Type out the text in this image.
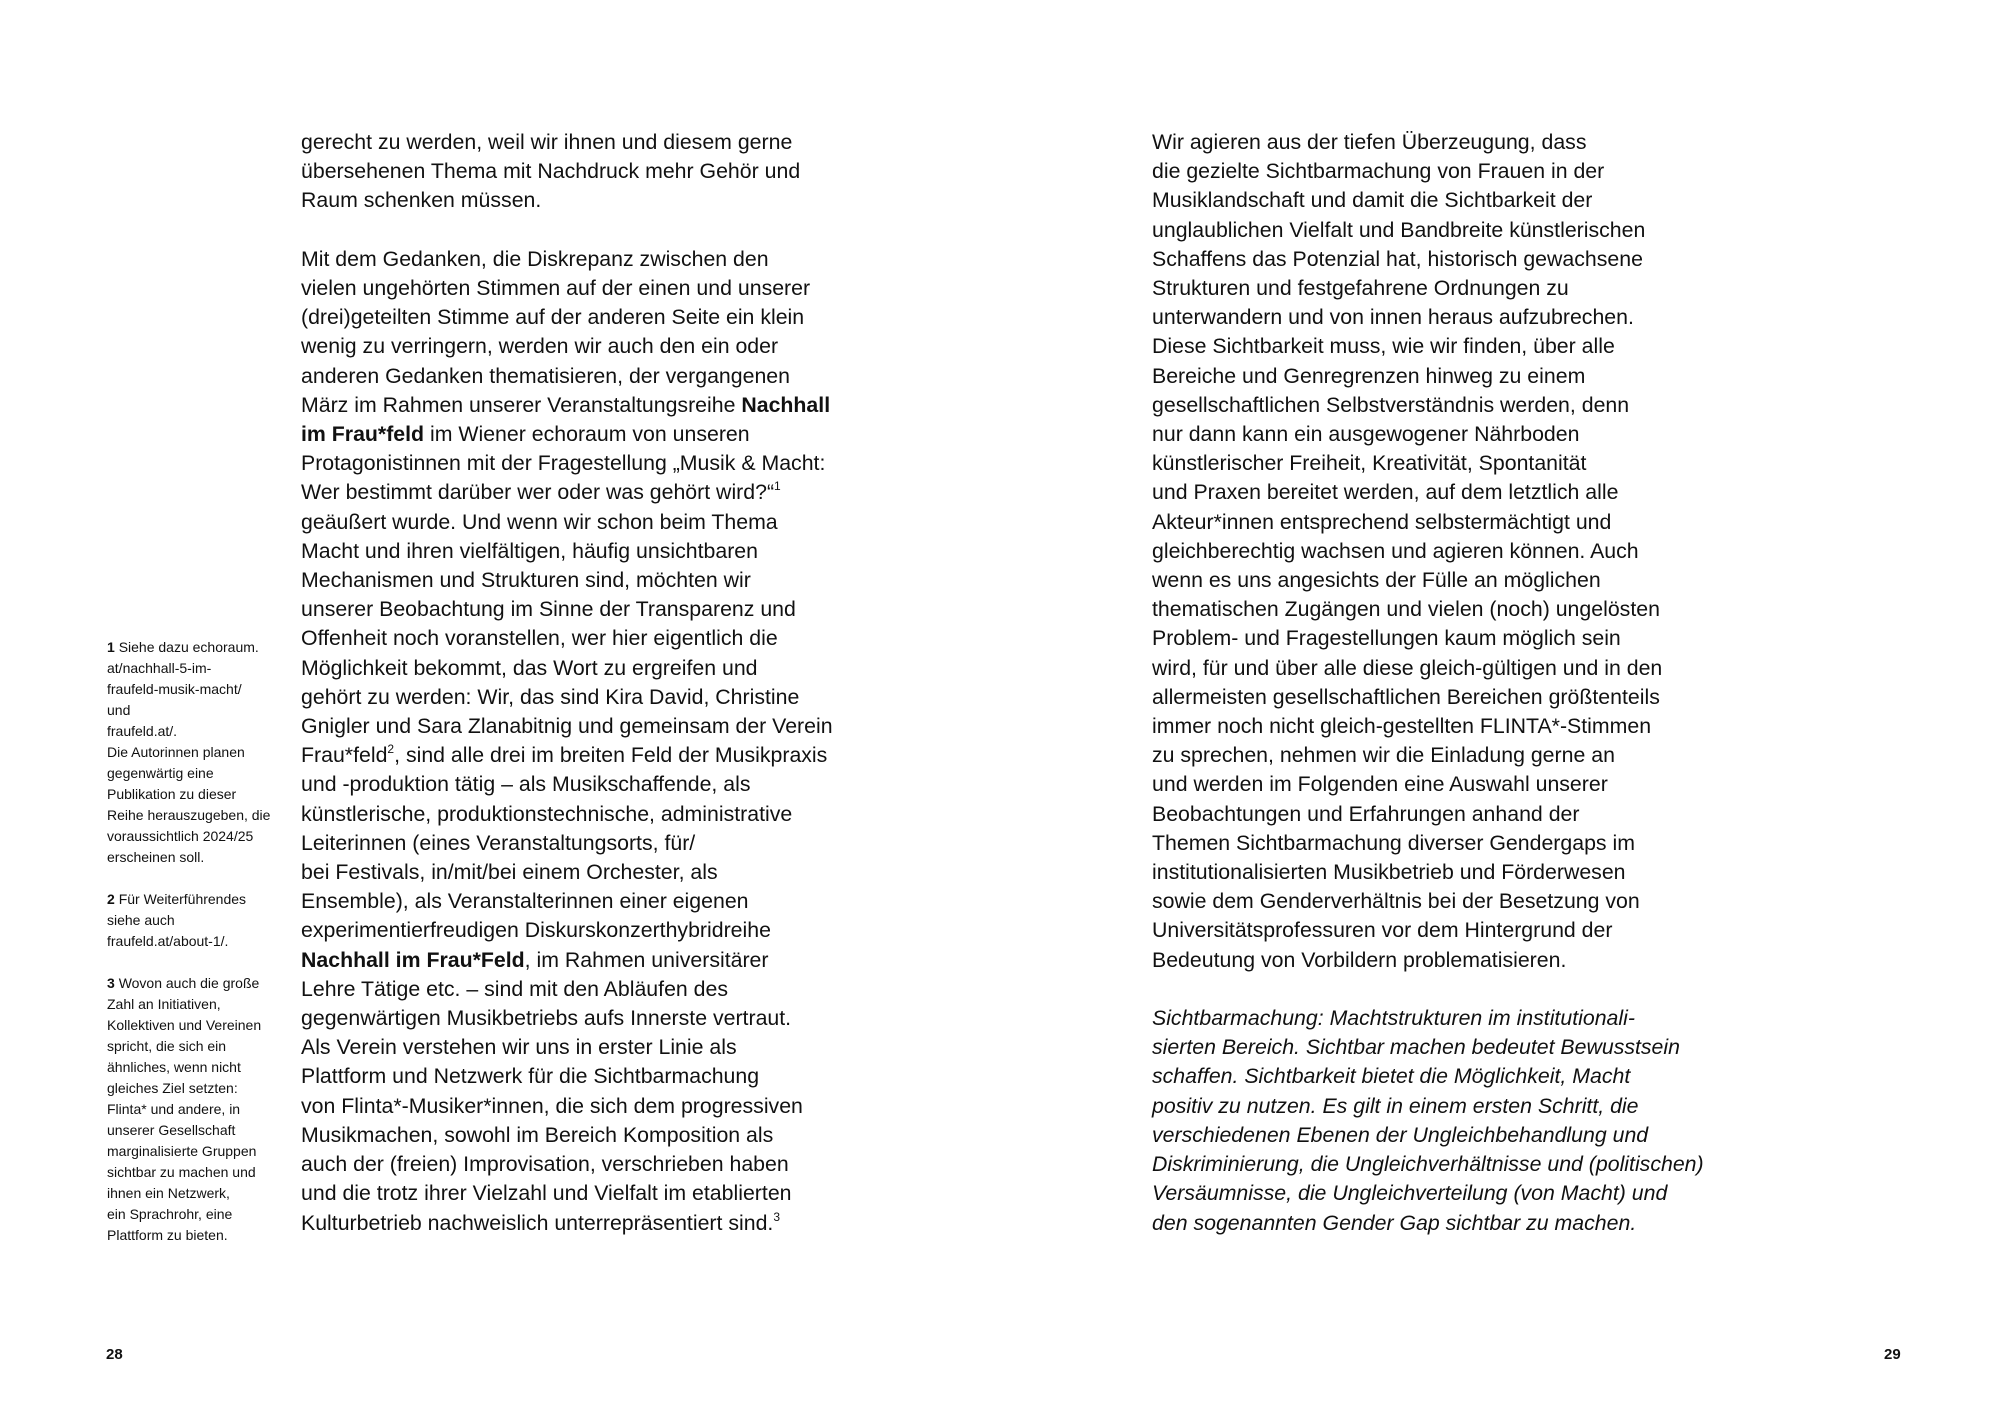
gerecht zu werden, weil wir ihnen und diesem gerne
übersehenen Thema mit Nachdruck mehr Gehör und
Raum schenken müssen.

Mit dem Gedanken, die Diskrepanz zwischen den
vielen ungehörten Stimmen auf der einen und unserer
(drei)geteilten Stimme auf der anderen Seite ein klein
wenig zu verringern, werden wir auch den ein oder
anderen Gedanken thematisieren, der vergangenen
März im Rahmen unserer Veranstaltungsreihe Nachhall
im Frau*feld im Wiener echoraum von unseren
Protagonistinnen mit der Fragestellung „Musik & Macht:
Wer bestimmt darüber wer oder was gehört wird?“$^1$
geäußert wurde. Und wenn wir schon beim Thema
Macht und ihren vielfältigen, häufig unsichtbaren
Mechanismen und Strukturen sind, möchten wir
unserer Beobachtung im Sinne der Transparenz und
Offenheit noch voranstellen, wer hier eigentlich die
Möglichkeit bekommt, das Wort zu ergreifen und
gehört zu werden: Wir, das sind Kira David, Christine
Gnigler und Sara Zlanabitnig und gemeinsam der Verein
Frau*feld$^2$, sind alle drei im breiten Feld der Musikpraxis
und -produktion tätig – als Musikschaffende, als
künstlerische, produktionstechnische, administrative
Leiterinnen (eines Veranstaltungsorts, für/
bei Festivals, in/mit/bei einem Orchester, als
Ensemble), als Veranstalterinnen einer eigenen
experimentierfreudigen Diskurskonzerthybridreihe
Nachhall im Frau*Feld, im Rahmen universitärer
Lehre Tätige etc. – sind mit den Abläufen des
gegenwärtigen Musikbetriebs aufs Innerste vertraut.
Als Verein verstehen wir uns in erster Linie als
Plattform und Netzwerk für die Sichtbarmachung
von Flinta*-Musiker*innen, die sich dem progressiven
Musikmachen, sowohl im Bereich Komposition als
auch der (freien) Improvisation, verschrieben haben
und die trotz ihrer Vielzahl und Vielfalt im etablierten
Kulturbetrieb nachweislich unterrepräsentiert sind.$^3$

1 Siehe dazu echoraum.
at/nachhall-5-im-
fraufeld-musik-macht/
und
fraufeld.at/.
Die Autorinnen planen
gegenwärtig eine
Publikation zu dieser
Reihe herauszugeben, die
voraussichtlich 2024/25
erscheinen soll.

2 Für Weiterführendes
siehe auch
fraufeld.at/about-1/.

3 Wovon auch die große
Zahl an Initiativen,
Kollektiven und Vereinen
spricht, die sich ein
ähnliches, wenn nicht
gleiches Ziel setzten:
Flinta* und andere, in
unserer Gesellschaft
marginalisierte Gruppen
sichtbar zu machen und
ihnen ein Netzwerk,
ein Sprachrohr, eine
Plattform zu bieten.

28

Wir agieren aus der tiefen Überzeugung, dass
die gezielte Sichtbarmachung von Frauen in der
Musiklandschaft und damit die Sichtbarkeit der
unglaublichen Vielfalt und Bandbreite künstlerischen
Schaffens das Potenzial hat, historisch gewachsene
Strukturen und festgefahrene Ordnungen zu
unterwandern und von innen heraus aufzubrechen.
Diese Sichtbarkeit muss, wie wir finden, über alle
Bereiche und Genregrenzen hinweg zu einem
gesellschaftlichen Selbstverständnis werden, denn
nur dann kann ein ausgewogener Nährboden
künstlerischer Freiheit, Kreativität, Spontanität
und Praxen bereitet werden, auf dem letztlich alle
Akteur*innen entsprechend selbstermächtigt und
gleichberechtig wachsen und agieren können. Auch
wenn es uns angesichts der Fülle an möglichen
thematischen Zugängen und vielen (noch) ungelösten
Problem- und Fragestellungen kaum möglich sein
wird, für und über alle diese gleich-gültigen und in den
allermeisten gesellschaftlichen Bereichen größtenteils
immer noch nicht gleich-gestellten FLINTA*-Stimmen
zu sprechen, nehmen wir die Einladung gerne an
und werden im Folgenden eine Auswahl unserer
Beobachtungen und Erfahrungen anhand der
Themen Sichtbarmachung diverser Gendergaps im
institutionalisierten Musikbetrieb und Förderwesen
sowie dem Genderverhältnis bei der Besetzung von
Universitätsprofessuren vor dem Hintergrund der
Bedeutung von Vorbildern problematisieren.

Sichtbarmachung: Machtstrukturen im institutionali-
sierten Bereich. Sichtbar machen bedeutet Bewusstsein
schaffen. Sichtbarkeit bietet die Möglichkeit, Macht
positiv zu nutzen. Es gilt in einem ersten Schritt, die
verschiedenen Ebenen der Ungleichbehandlung und
Diskriminierung, die Ungleichverhältnisse und (politischen)
Versäumnisse, die Ungleichverteilung (von Macht) und
den sogenannten Gender Gap sichtbar zu machen.

29
